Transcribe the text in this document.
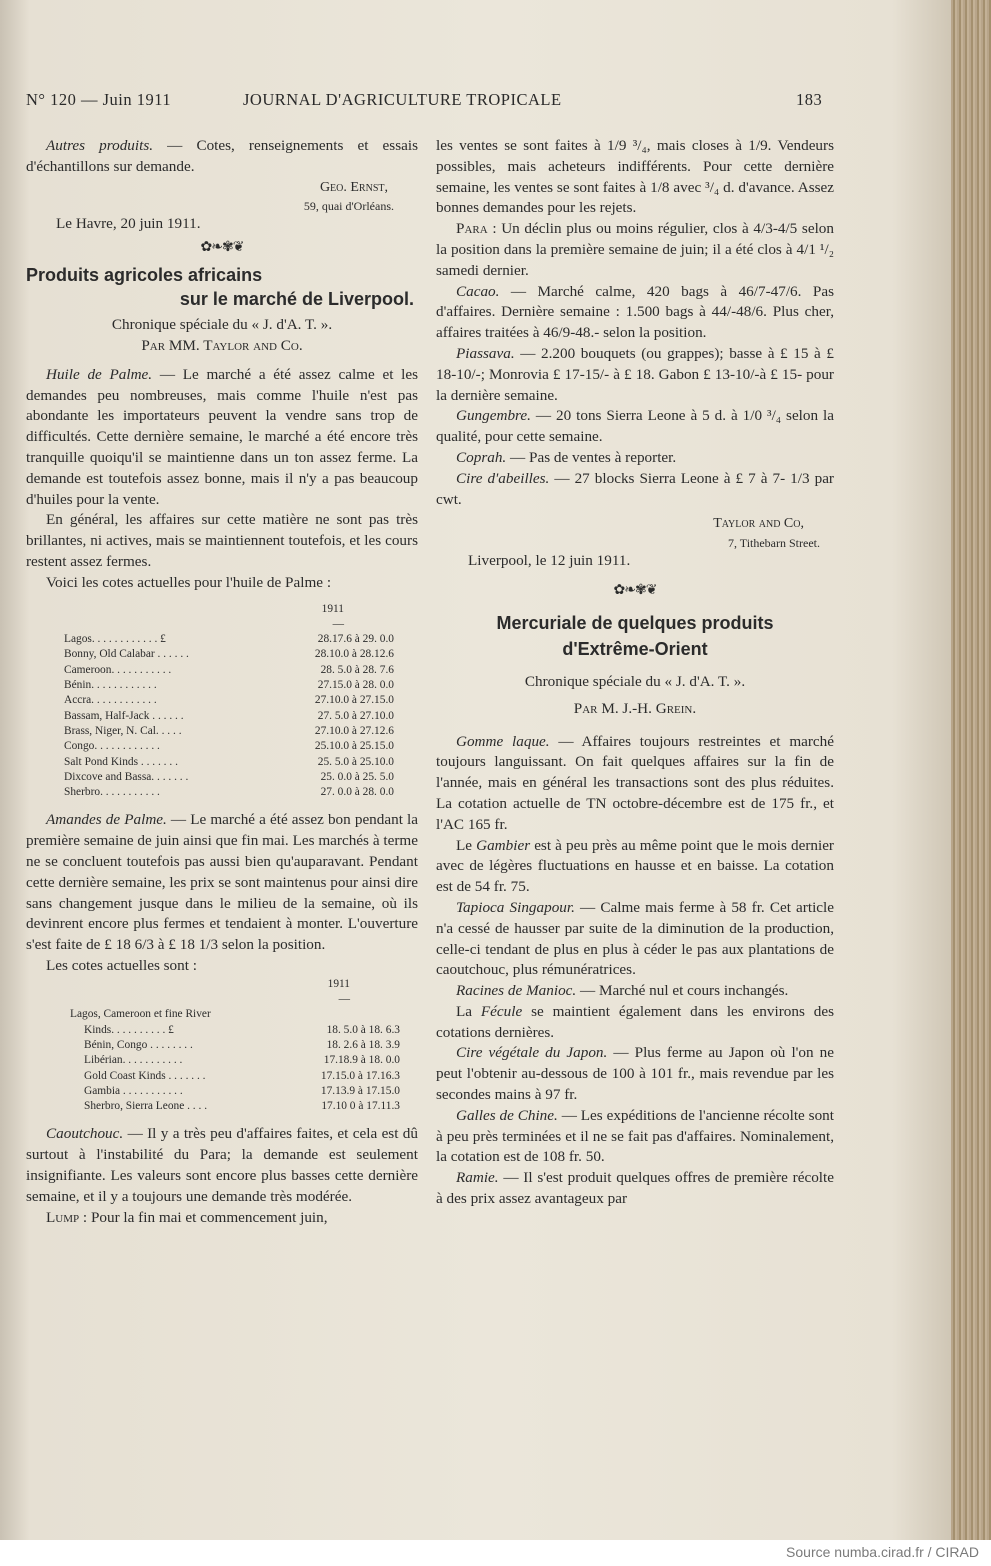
N° 120 — Juin 1911	JOURNAL D'AGRICULTURE TROPICALE	183

Autres produits. — Cotes, renseignements et essais d'échantillons sur demande.

Geo. Ernst,
59, quai d'Orléans.
Le Havre, 20 juin 1911.
✿❧✾❦
Produits agricoles africains
sur le marché de Liverpool.
Chronique spéciale du « J. d'A. T. ».
Par MM. Taylor and Co.

Huile de Palme. — Le marché a été assez calme et les demandes peu nombreuses, mais comme l'huile n'est pas abondante les importateurs peuvent la vendre sans trop de difficultés. Cette dernière semaine, le marché a été encore très tranquille quoiqu'il se maintienne dans un ton assez ferme. La demande est toutefois assez bonne, mais il n'y a pas beaucoup d'huiles pour la vente.

En général, les affaires sur cette matière ne sont pas très brillantes, ni actives, mais se maintiennent toutefois, et les cours restent assez fermes.

Voici les cotes actuelles pour l'huile de Palme :

1911
—
Lagos. . . . . . . . . . . . £	28.17.6 à 29. 0.0
Bonny, Old Calabar . . . . . .	28.10.0 à 28.12.6
Cameroon. . . . . . . . . . .	28. 5.0 à 28. 7.6
Bénin. . . . . . . . . . . .	27.15.0 à 28. 0.0
Accra. . . . . . . . . . . .	27.10.0 à 27.15.0
Bassam, Half-Jack . . . . . .	27. 5.0 à 27.10.0
Brass, Niger, N. Cal. . . . .	27.10.0 à 27.12.6
Congo. . . . . . . . . . . .	25.10.0 à 25.15.0
Salt Pond Kinds . . . . . . .	25. 5.0 à 25.10.0
Dixcove and Bassa. . . . . . .	25. 0.0 à 25. 5.0
Sherbro. . . . . . . . . . .	27. 0.0 à 28. 0.0

Amandes de Palme. — Le marché a été assez bon pendant la première semaine de juin ainsi que fin mai. Les marchés à terme ne se concluent toutefois pas aussi bien qu'auparavant. Pendant cette dernière semaine, les prix se sont maintenus pour ainsi dire sans changement jusque dans le milieu de la semaine, où ils devinrent encore plus fermes et tendaient à monter. L'ouverture s'est faite de £ 18 6/3 à £ 18 1/3 selon la position.

Les cotes actuelles sont :

1911
—
Lagos, Cameroon et fine River
Kinds. . . . . . . . . . £	18. 5.0 à 18. 6.3
Bénin, Congo . . . . . . . .	18. 2.6 à 18. 3.9
Libérian. . . . . . . . . . .	17.18.9 à 18. 0.0
Gold Coast Kinds . . . . . . .	17.15.0 à 17.16.3
Gambia . . . . . . . . . . .	17.13.9 à 17.15.0
Sherbro, Sierra Leone . . . .	17.10 0 à 17.11.3

Caoutchouc. — Il y a très peu d'affaires faites, et cela est dû surtout à l'instabilité du Para; la demande est seulement insignifiante. Les valeurs sont encore plus basses cette dernière semaine, et il y a toujours une demande très modérée.

Lump : Pour la fin mai et commencement juin,

les ventes se sont faites à 1/9 ³/₄, mais closes à 1/9. Vendeurs possibles, mais acheteurs indifférents. Pour cette dernière semaine, les ventes se sont faites à 1/8 avec ³/₄ d. d'avance. Assez bonnes demandes pour les rejets.

Para : Un déclin plus ou moins régulier, clos à 4/3-4/5 selon la position dans la première semaine de juin; il a été clos à 4/1 ¹/₂ samedi dernier.

Cacao. — Marché calme, 420 bags à 46/7-47/6. Pas d'affaires. Dernière semaine : 1.500 bags à 44/-48/6. Plus cher, affaires traitées à 46/9-48.- selon la position.

Piassava. — 2.200 bouquets (ou grappes); basse à £ 15 à £ 18-10/-; Monrovia £ 17-15/- à £ 18. Gabon £ 13-10/-à £ 15- pour la dernière semaine.

Gungembre. — 20 tons Sierra Leone à 5 d. à 1/0 ³/₄ selon la qualité, pour cette semaine.

Coprah. — Pas de ventes à reporter.

Cire d'abeilles. — 27 blocks Sierra Leone à £ 7 à 7- 1/3 par cwt.

Taylor and Co,
7, Tithebarn Street.
Liverpool, le 12 juin 1911.
✿❧✾❦
Mercuriale de quelques produits
d'Extrême-Orient
Chronique spéciale du « J. d'A. T. ».
Par M. J.-H. Grein.

Gomme laque. — Affaires toujours restreintes et marché toujours languissant. On fait quelques affaires sur la fin de l'année, mais en général les transactions sont des plus réduites. La cotation actuelle de TN octobre-décembre est de 175 fr., et l'AC 165 fr.

Le Gambier est à peu près au même point que le mois dernier avec de légères fluctuations en hausse et en baisse. La cotation est de 54 fr. 75.

Tapioca Singapour. — Calme mais ferme à 58 fr. Cet article n'a cessé de hausser par suite de la diminution de la production, celle-ci tendant de plus en plus à céder le pas aux plantations de caoutchouc, plus rémunératrices.

Racines de Manioc. — Marché nul et cours inchangés.

La Fécule se maintient également dans les environs des cotations dernières.

Cire végétale du Japon. — Plus ferme au Japon où l'on ne peut l'obtenir au-dessous de 100 à 101 fr., mais revendue par les secondes mains à 97 fr.

Galles de Chine. — Les expéditions de l'ancienne récolte sont à peu près terminées et il ne se fait pas d'affaires. Nominalement, la cotation est de 108 fr. 50.

Ramie. — Il s'est produit quelques offres de première récolte à des prix assez avantageux par

Source numba.cirad.fr / CIRAD
